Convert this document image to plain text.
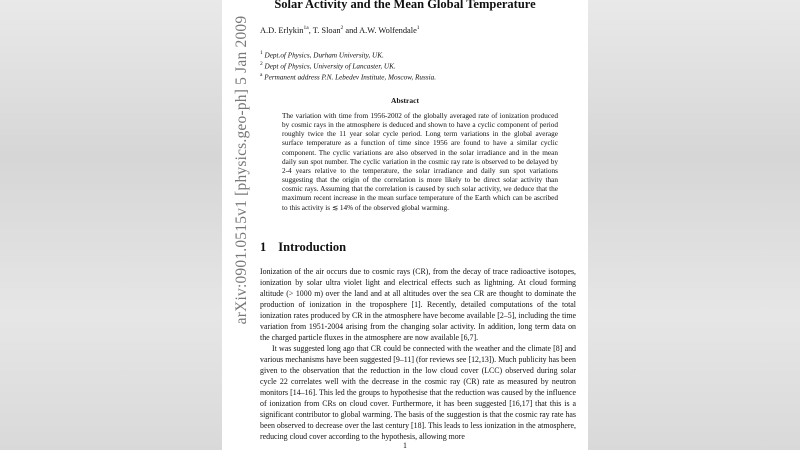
arXiv:0901.0515v1 [physics.geo-ph] 5 Jan 2009
Solar Activity and the Mean Global Temperature
A.D. Erlykin$^{1a}$, T. Sloan$^2$ and A.W. Wolfendale$^1$
$^1$ Dept.of Physics, Durham University, UK.
$^2$ Dept of Physics, University of Lancaster, UK.
$^a$ Permanent address P.N. Lebedev Institute, Moscow, Russia.
Abstract
The variation with time from 1956-2002 of the globally averaged rate of ionization produced by cosmic rays in the atmosphere is deduced and shown to have a cyclic component of period roughly twice the 11 year solar cycle period. Long term variations in the global average surface temperature as a function of time since 1956 are found to have a similar cyclic component. The cyclic variations are also observed in the solar irradiance and in the mean daily sun spot number. The cyclic variation in the cosmic ray rate is observed to be delayed by 2-4 years relative to the temperature, the solar irradiance and daily sun spot variations suggesting that the origin of the correlation is more likely to be direct solar activity than cosmic rays. Assuming that the correlation is caused by such solar activity, we deduce that the maximum recent increase in the mean surface temperature of the Earth which can be ascribed to this activity is ≲ 14% of the observed global warming.
1 Introduction
Ionization of the air occurs due to cosmic rays (CR), from the decay of trace radioactive isotopes, ionization by solar ultra violet light and electrical effects such as lightning. At cloud forming altitude (> 1000 m) over the land and at all altitudes over the sea CR are thought to dominate the production of ionization in the troposphere [1]. Recently, detailed computations of the total ionization rates produced by CR in the atmosphere have become available [2–5], including the time variation from 1951-2004 arising from the changing solar activity. In addition, long term data on the charged particle fluxes in the atmosphere are now available [6,7].
It was suggested long ago that CR could be connected with the weather and the climate [8] and various mechanisms have been suggested [9–11] (for reviews see [12,13]). Much publicity has been given to the observation that the reduction in the low cloud cover (LCC) observed during solar cycle 22 correlates well with the decrease in the cosmic ray (CR) rate as measured by neutron monitors [14–16]. This led the groups to hypothesise that the reduction was caused by the influence of ionization from CRs on cloud cover. Furthermore, it has been suggested [16,17] that this is a significant contributor to global warming. The basis of the suggestion is that the cosmic ray rate has been observed to decrease over the last century [18]. This leads to less ionization in the atmosphere, reducing cloud cover according to the hypothesis, allowing more
1
